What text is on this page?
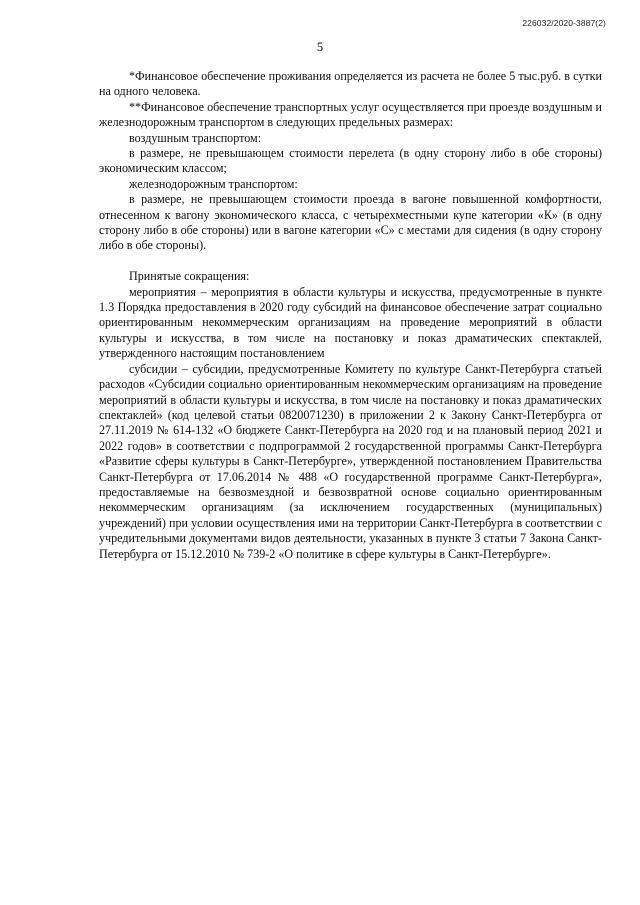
226032/2020-3887(2)
5

*Финансовое обеспечение проживания определяется из расчета не более 5 тыс.руб. в сутки на одного человека.

**Финансовое обеспечение транспортных услуг осуществляется при проезде воздушным и железнодорожным транспортом в следующих предельных размерах:

воздушным транспортом:

в размере, не превышающем стоимости перелета (в одну сторону либо в обе стороны) экономическим классом;

железнодорожным транспортом:

в размере, не превышающем стоимости проезда в вагоне повышенной комфортности, отнесенном к вагону экономического класса, с четырехместными купе категории «К» (в одну сторону либо в обе стороны) или в вагоне категории «С» с местами для сидения (в одну сторону либо в обе стороны).

Принятые сокращения:

мероприятия – мероприятия в области культуры и искусства, предусмотренные в пункте 1.3 Порядка предоставления в 2020 году субсидий на финансовое обеспечение затрат социально ориентированным некоммерческим организациям на проведение мероприятий в области культуры и искусства, в том числе на постановку и показ драматических спектаклей, утвержденного настоящим постановлением

субсидии – субсидии, предусмотренные Комитету по культуре Санкт-Петербурга статьей расходов «Субсидии социально ориентированным некоммерческим организациям на проведение мероприятий в области культуры и искусства, в том числе на постановку и показ драматических спектаклей» (код целевой статьи 0820071230) в приложении 2 к Закону Санкт-Петербурга от 27.11.2019 № 614-132 «О бюджете Санкт-Петербурга на 2020 год и на плановый период 2021 и 2022 годов» в соответствии с подпрограммой 2 государственной программы Санкт-Петербурга «Развитие сферы культуры в Санкт-Петербурге», утвержденной постановлением Правительства Санкт-Петербурга от 17.06.2014 № 488 «О государственной программе Санкт-Петербурга», предоставляемые на безвозмездной и безвозвратной основе социально ориентированным некоммерческим организациям (за исключением государственных (муниципальных) учреждений) при условии осуществления ими на территории Санкт-Петербурга в соответствии с учредительными документами видов деятельности, указанных в пункте 3 статьи 7 Закона Санкт-Петербурга от 15.12.2010 № 739-2 «О политике в сфере культуры в Санкт-Петербурге».
